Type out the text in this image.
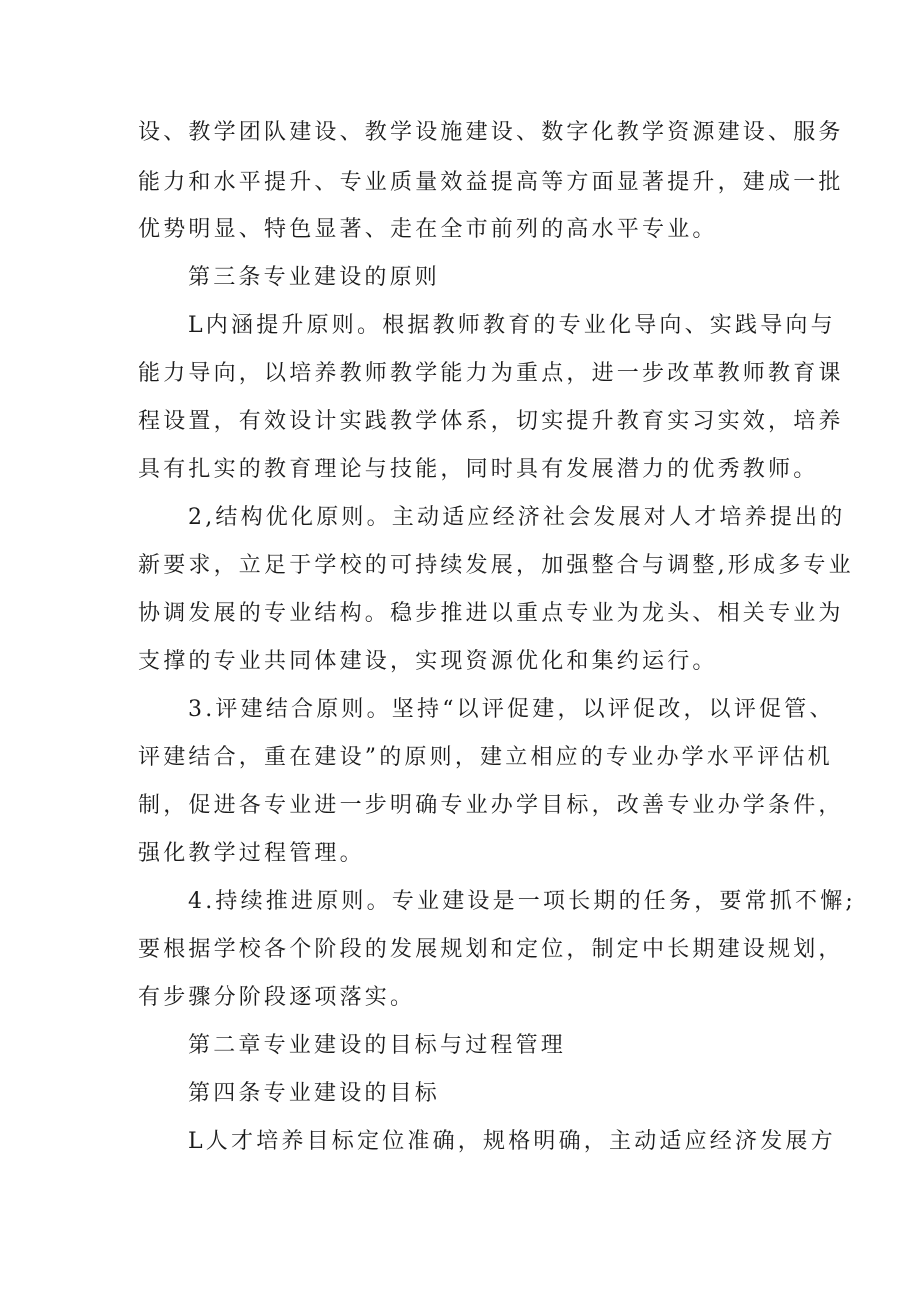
设、教学团队建设、教学设施建设、数字化教学资源建设、服务
能力和水平提升、专业质量效益提高等方面显著提升，建成一批
优势明显、特色显著、走在全市前列的高水平专业。
第三条专业建设的原则
L内涵提升原则。根据教师教育的专业化导向、实践导向与
能力导向，以培养教师教学能力为重点，进一步改革教师教育课
程设置，有效设计实践教学体系，切实提升教育实习实效，培养
具有扎实的教育理论与技能，同时具有发展潜力的优秀教师。
2,结构优化原则。主动适应经济社会发展对人才培养提出的
新要求，立足于学校的可持续发展，加强整合与调整,形成多专业
协调发展的专业结构。稳步推进以重点专业为龙头、相关专业为
支撑的专业共同体建设，实现资源优化和集约运行。
3.评建结合原则。坚持“以评促建，以评促改，以评促管、
评建结合，重在建设”的原则，建立相应的专业办学水平评估机
制，促进各专业进一步明确专业办学目标，改善专业办学条件，
强化教学过程管理。
4.持续推进原则。专业建设是一项长期的任务，要常抓不懈;
要根据学校各个阶段的发展规划和定位，制定中长期建设规划，
有步骤分阶段逐项落实。
第二章专业建设的目标与过程管理
第四条专业建设的目标
L人才培养目标定位准确，规格明确，主动适应经济发展方
